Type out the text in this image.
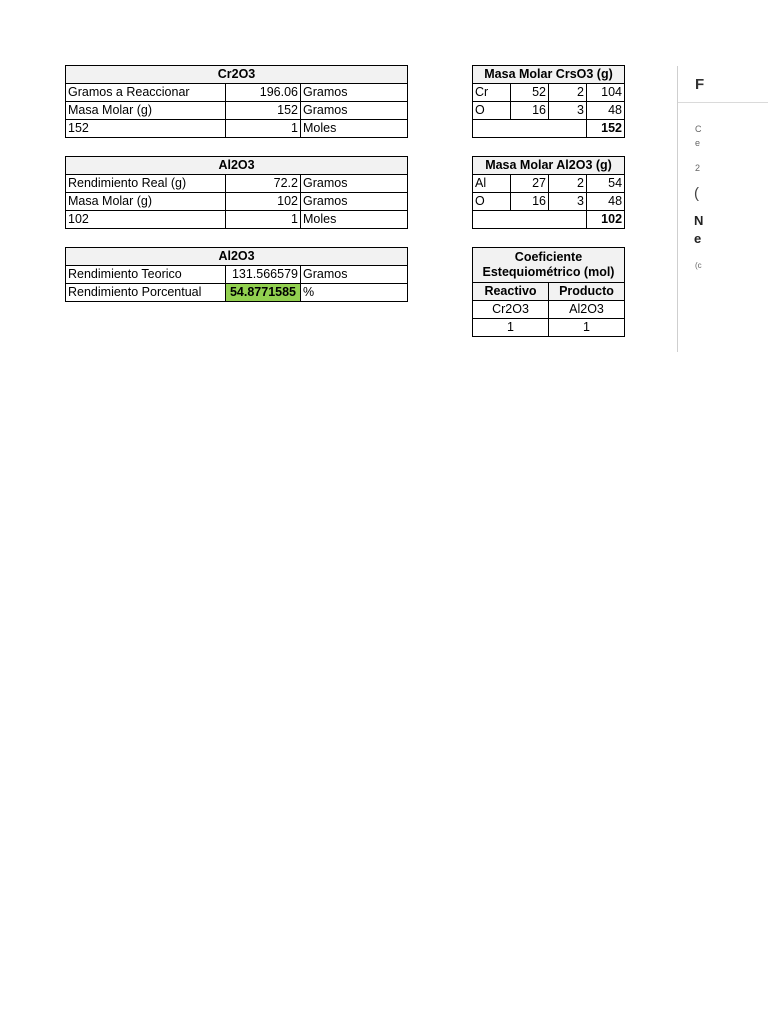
Cr2O3		
Gramos a Reaccionar	196.06	Gramos
Masa Molar (g)	152	Gramos
152	1	Moles
Al2O3		
Rendimiento Real (g)	72.2	Gramos
Masa Molar (g)	102	Gramos
102	1	Moles
Al2O3		
Rendimiento Teorico	131.566579	Gramos
Rendimiento Porcentual	54.8771585	%
Masa Molar CrsO3 (g)			
Cr	52	2	104
O	16	3	48
			152
Masa Molar Al2O3 (g)			
Al	27	2	54
O	16	3	48
			102
Coeficiente
Estequiométrico (mol)	

Reactivo	Producto
Cr2O3	Al2O3
1	1
F
C
e
2
(
N
e
(c
